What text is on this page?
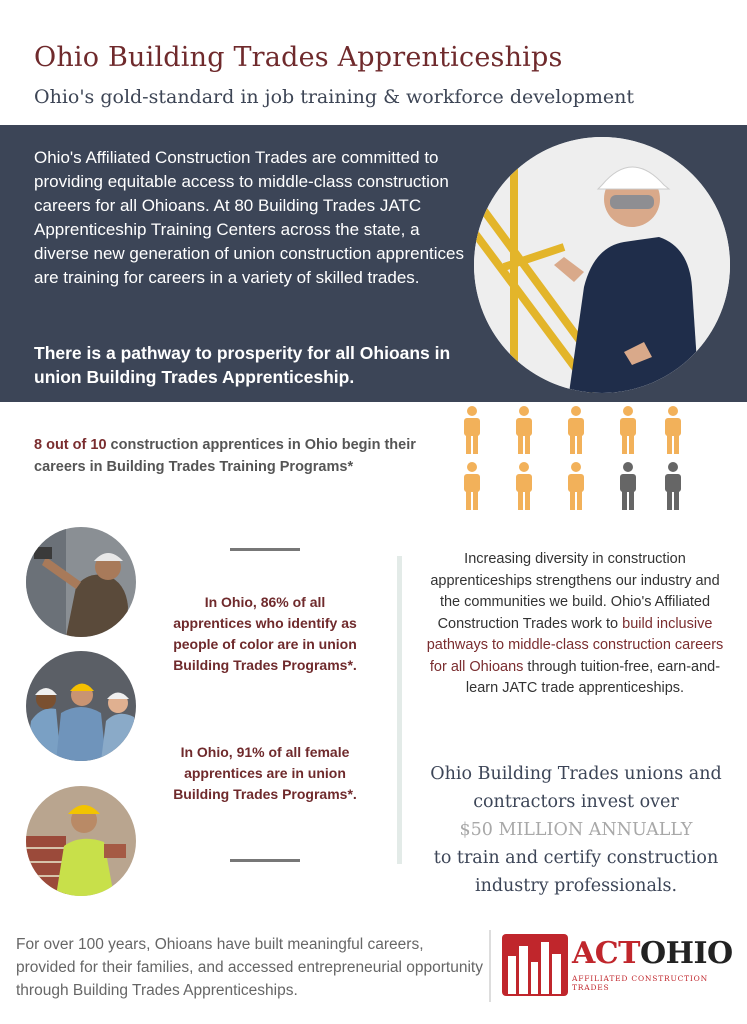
Ohio Building Trades Apprenticeships
Ohio's gold-standard in job training & workforce development
Ohio's Affiliated Construction Trades are committed to providing equitable access to middle-class construction careers for all Ohioans. At 80 Building Trades JATC Apprenticeship Training Centers across the state, a diverse new generation of union construction apprentices are training for careers in a variety of skilled trades.
There is a pathway to prosperity for all Ohioans in union Building Trades Apprenticeship.
8 out of 10 construction apprentices in Ohio begin their careers in Building Trades Training Programs*
In Ohio, 86% of all apprentices who identify as people of color are in union Building Trades Programs*.
In Ohio, 91% of all female apprentices are in union Building Trades Programs*.
Increasing diversity in construction apprenticeships strengthens our industry and the communities we build. Ohio's Affiliated Construction Trades work to build inclusive pathways to middle-class construction careers for all Ohioans through tuition-free, earn-and-learn JATC trade apprenticeships.
Ohio Building Trades unions and contractors invest over
$50 MILLION ANNUALLY
to train and certify construction industry professionals.
For over 100 years, Ohioans have built meaningful careers, provided for their families, and accessed entrepreneurial opportunity through Building Trades Apprenticeships.
ACTOHIO
AFFILIATED CONSTRUCTION TRADES
